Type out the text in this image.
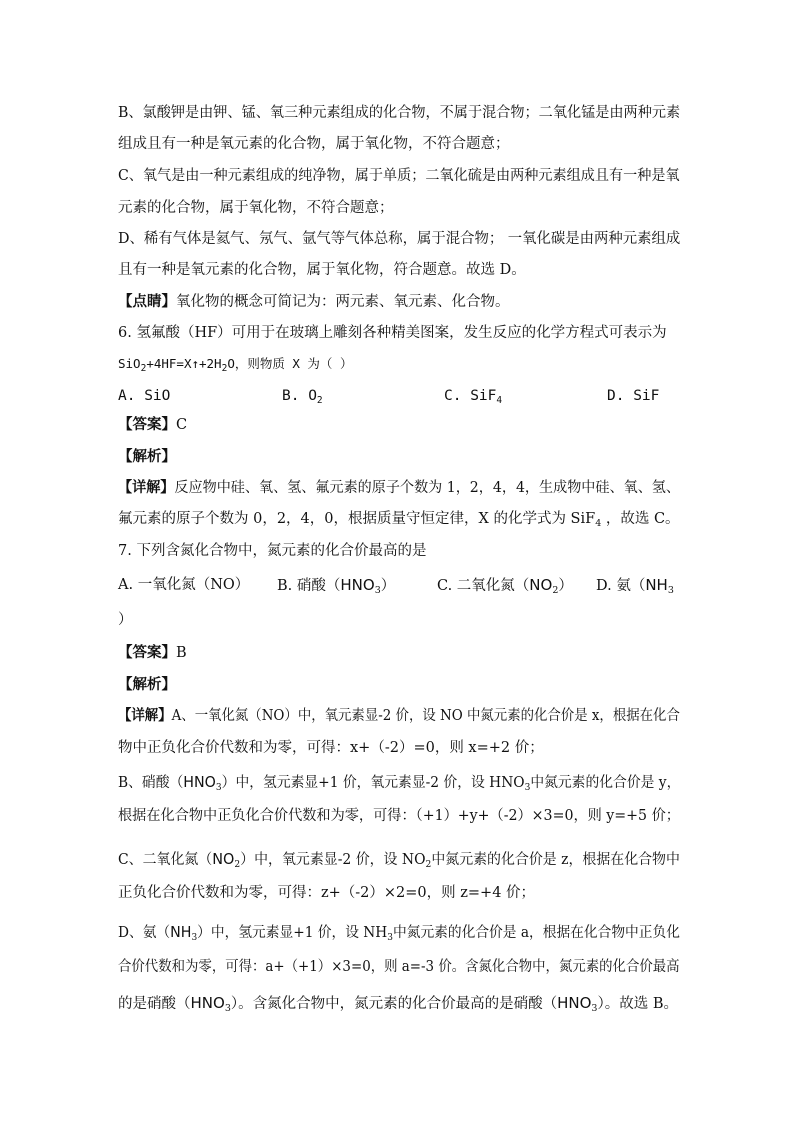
B、氯酸钾是由钾、锰、氧三种元素组成的化合物，不属于混合物；二氧化锰是由两种元素
组成且有一种是氧元素的化合物，属于氧化物，不符合题意；
C、氧气是由一种元素组成的纯净物，属于单质；二氧化硫是由两种元素组成且有一种是氧
元素的化合物，属于氧化物，不符合题意；
D、稀有气体是氦气、氖气、氩气等气体总称，属于混合物； 一氧化碳是由两种元素组成
且有一种是氧元素的化合物，属于氧化物，符合题意。故选 D。
【点睛】氧化物的概念可简记为：两元素、氧元素、化合物。
6. 氢氟酸（HF）可用于在玻璃上雕刻各种精美图案，发生反应的化学方程式可表示为
$SiO_2+4HF=X↑+2H_2O$，则物质 X 为（ ）
A. SiO	B. $O_2$	C. SiF$_4$	D. SiF
【答案】C
【解析】
【详解】反应物中硅、氧、氢、氟元素的原子个数为 1，2，4，4，生成物中硅、氧、氢、
氟元素的原子个数为 0，2，4，0，根据质量守恒定律，X 的化学式为 SiF$_4$ ，故选 C。
7. 下列含氮化合物中，氮元素的化合价最高的是
A. 一氧化氮（NO） B. 硝酸$(HNO_3)$	C. 二氧化氮$(NO_2)$ D. 氨（$NH_3$
）
【答案】B
【解析】
【详解】A、一氧化氮（NO）中，氧元素显-2 价，设 NO 中氮元素的化合价是 x，根据在化合
物中正负化合价代数和为零，可得：x+（-2）=0，则 x=+2 价；
B、硝酸$(HNO_3)$中，氢元素显+1 价，氧元素显-2 价，设 $HNO_3$中氮元素的化合价是 y，
根据在化合物中正负化合价代数和为零，可得：（+1）+y+（-2）×3=0，则 y=+5 价；
C、二氧化氮$(NO_2)$中，氧元素显-2 价，设 $NO_2$中氮元素的化合价是 z，根据在化合物中
正负化合价代数和为零，可得：z+（-2）×2=0，则 z=+4 价；
D、氨$(NH_3)$中，氢元素显+1 价，设 $NH_3$中氮元素的化合价是 a，根据在化合物中正负化
合价代数和为零，可得：a+（+1）×3=0，则 a=-3 价。含氮化合物中，氮元素的化合价最高
的是硝酸$(HNO_3)$。含氮化合物中，氮元素的化合价最高的是硝酸$(HNO_3)$。故选 B。
